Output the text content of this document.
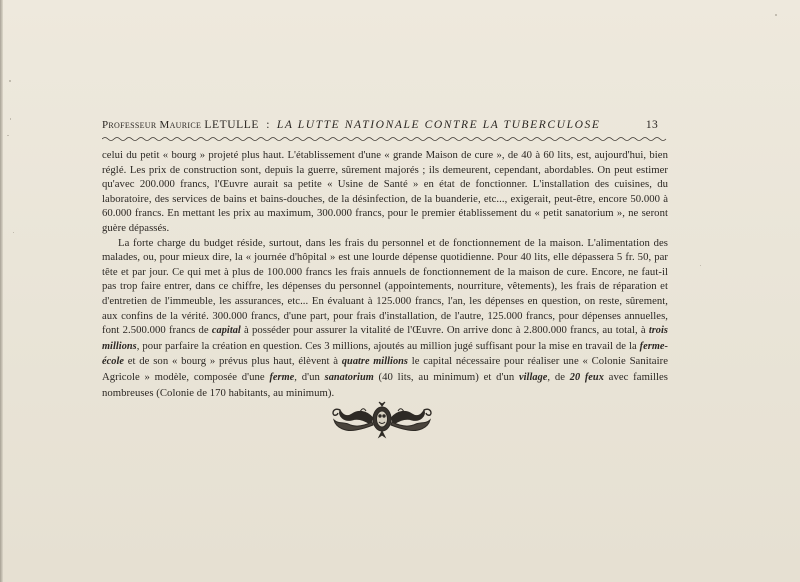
Professeur Maurice LETULLE : LA LUTTE NATIONALE CONTRE LA TUBERCULOSE	13

celui du petit « bourg » projeté plus haut. L'établissement d'une « grande Maison de cure », de 40 à 60 lits, est, aujourd'hui, bien réglé. Les prix de construction sont, depuis la guerre, sûrement majorés ; ils demeurent, cependant, abordables. On peut estimer qu'avec 200.000 francs, l'Œuvre aurait sa petite « Usine de Santé » en état de fonctionner. L'installation des cuisines, du laboratoire, des services de bains et bains-douches, de la désinfection, de la buanderie, etc..., exigerait, peut-être, encore 50.000 à 60.000 francs. En mettant les prix au maximum, 300.000 francs, pour le premier établissement du « petit sanatorium », ne seront guère dépassés.

La forte charge du budget réside, surtout, dans les frais du personnel et de fonctionnement de la maison. L'alimentation des malades, ou, pour mieux dire, la « journée d'hôpital » est une lourde dépense quotidienne. Pour 40 lits, elle dépassera 5 fr. 50, par tête et par jour. Ce qui met à plus de 100.000 francs les frais annuels de fonctionnement de la maison de cure. Encore, ne faut-il pas trop faire entrer, dans ce chiffre, les dépenses du personnel (appointements, nourriture, vêtements), les frais de réparation et d'entretien de l'immeuble, les assurances, etc... En évaluant à 125.000 francs, l'an, les dépenses en question, on reste, sûrement, aux confins de la vérité. 300.000 francs, d'une part, pour frais d'installation, de l'autre, 125.000 francs, pour dépenses annuelles, font 2.500.000 francs de capital à posséder pour assurer la vitalité de l'Œuvre. On arrive donc à 2.800.000 francs, au total, à trois millions, pour parfaire la création en question. Ces 3 millions, ajoutés au million jugé suffisant pour la mise en travail de la ferme-école et de son « bourg » prévus plus haut, élèvent à quatre millions le capital nécessaire pour réaliser une « Colonie Sanitaire Agricole » modèle, composée d'une ferme, d'un sanatorium (40 lits, au minimum) et d'un village, de 20 feux avec familles nombreuses (Colonie de 170 habitants, au minimum).
